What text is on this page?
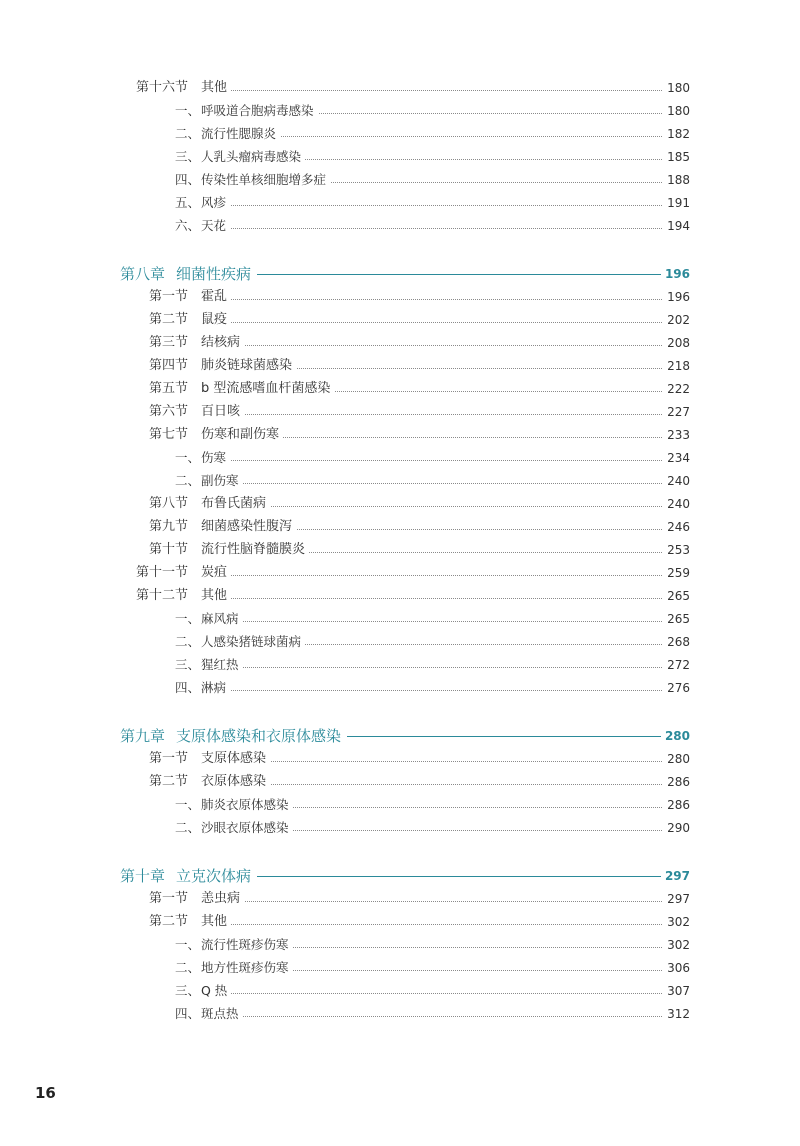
第十六节 其他	180
一、 呼吸道合胞病毒感染	180
二、 流行性腮腺炎	182
三、 人乳头瘤病毒感染	185
四、 传染性单核细胞增多症	188
五、 风疹	191
六、 天花	194
第八章 细菌性疾病	196
第一节 霍乱	196
第二节 鼠疫	202
第三节 结核病	208
第四节 肺炎链球菌感染	218
第五节 b 型流感嗜血杆菌感染	222
第六节 百日咳	227
第七节 伤寒和副伤寒	233
一、 伤寒	234
二、 副伤寒	240
第八节 布鲁氏菌病	240
第九节 细菌感染性腹泻	246
第十节 流行性脑脊髓膜炎	253
第十一节 炭疽	259
第十二节 其他	265
一、 麻风病	265
二、 人感染猪链球菌病	268
三、 猩红热	272
四、 淋病	276
第九章 支原体感染和衣原体感染	280
第一节 支原体感染	280
第二节 衣原体感染	286
一、 肺炎衣原体感染	286
二、 沙眼衣原体感染	290
第十章 立克次体病	297
第一节 恙虫病	297
第二节 其他	302
一、 流行性斑疹伤寒	302
二、 地方性斑疹伤寒	306
三、 Q 热	307
四、 斑点热	312
16
